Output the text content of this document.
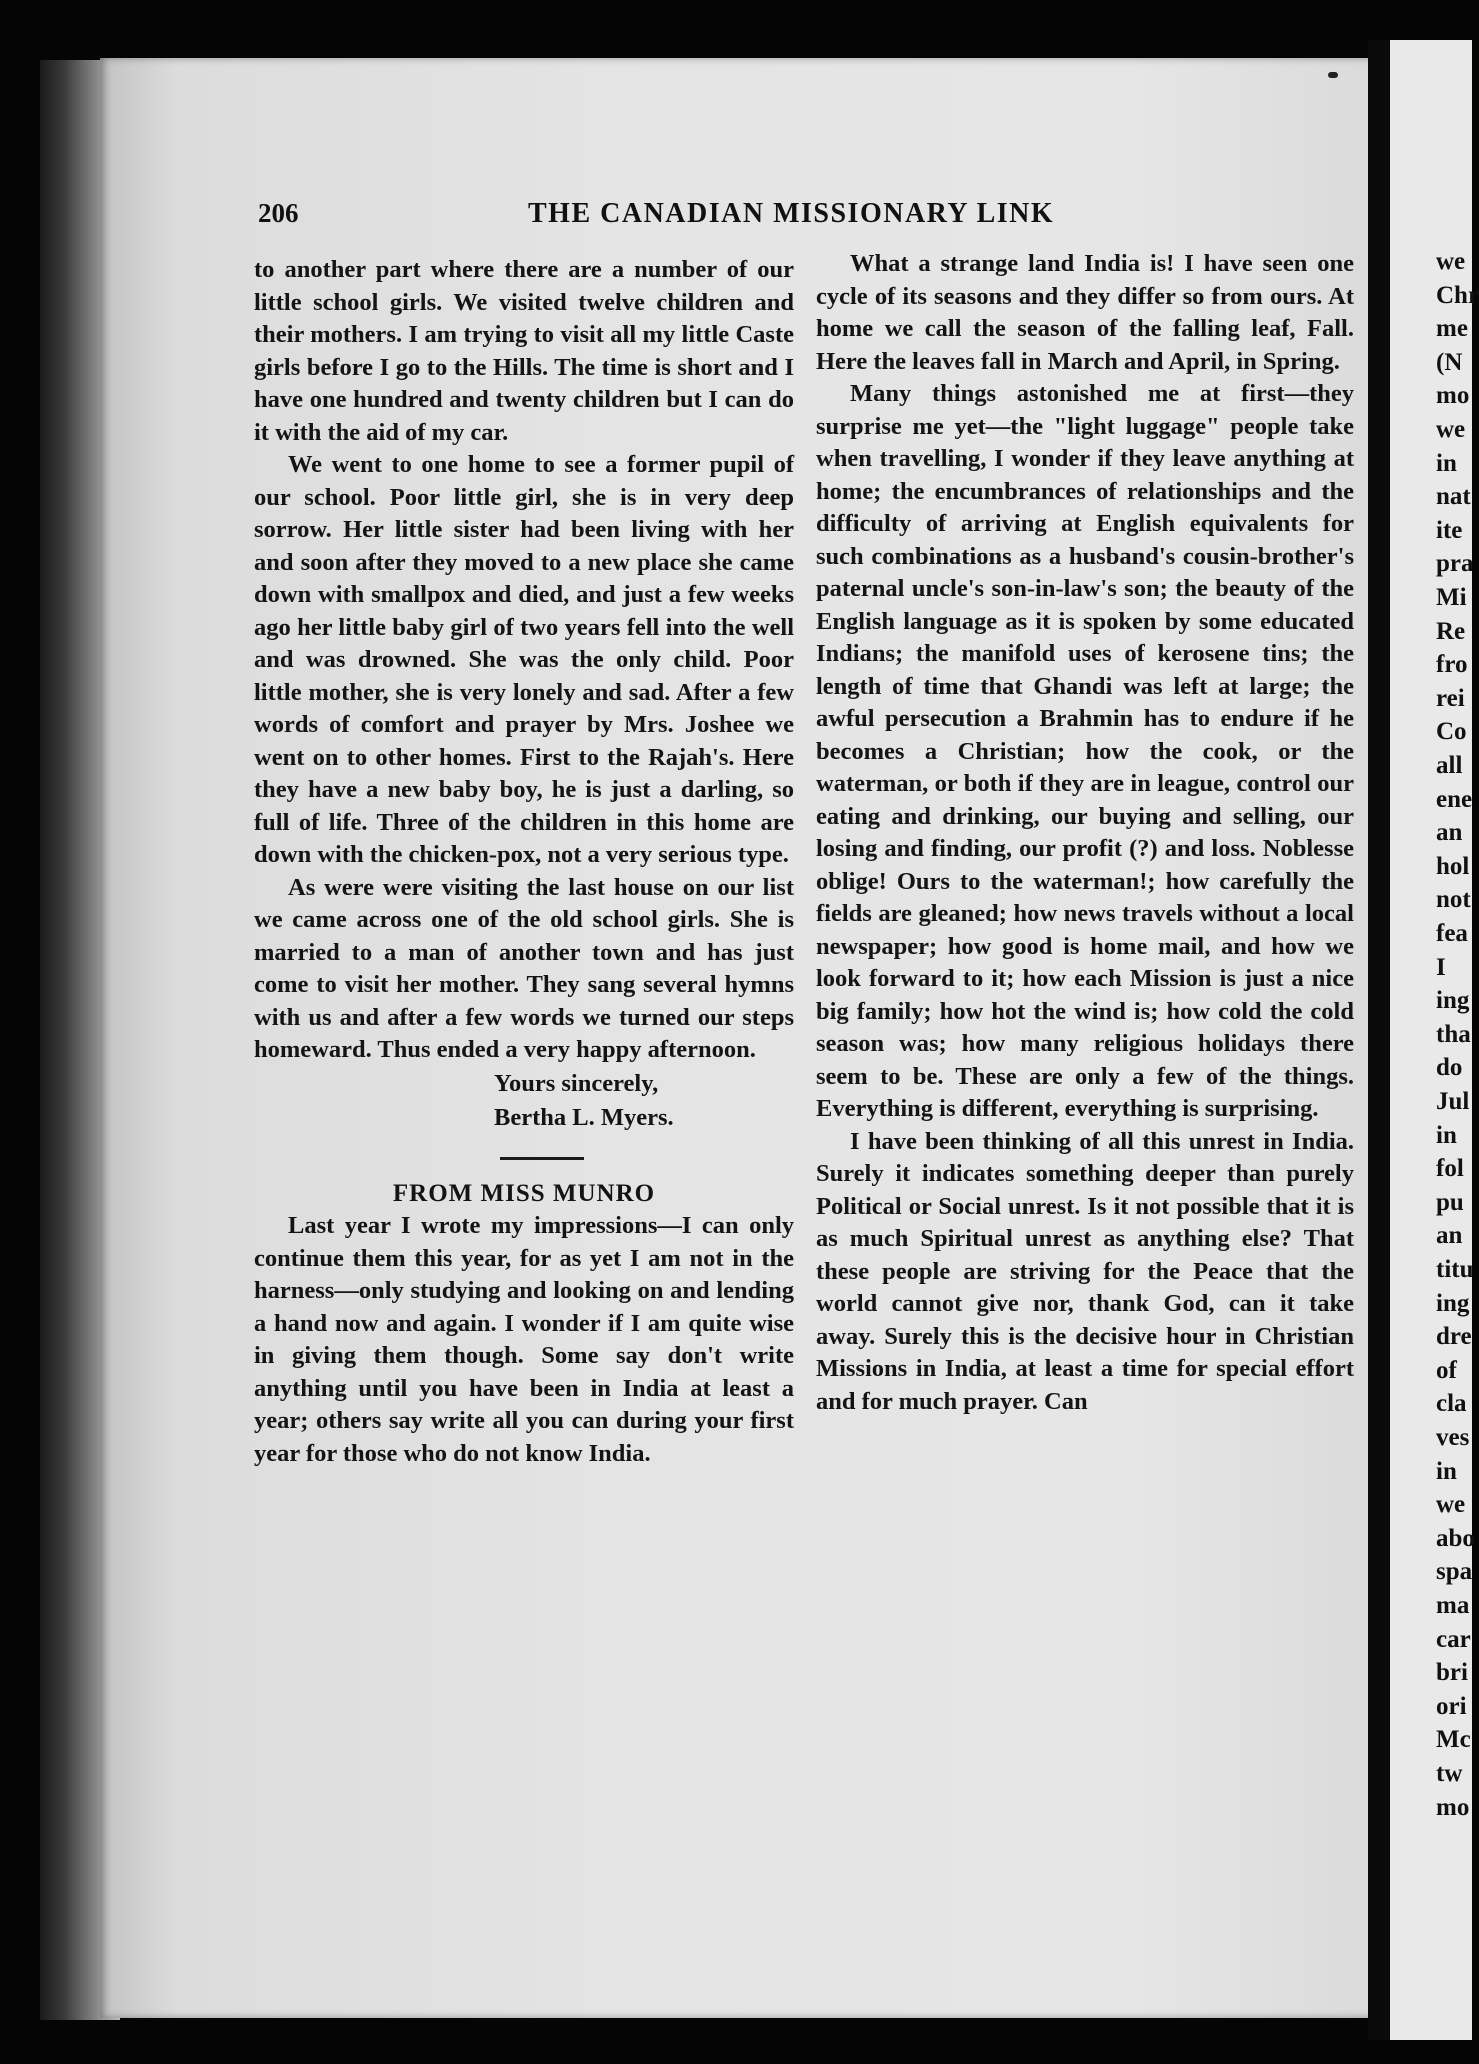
206	THE CANADIAN MISSIONARY LINK

to another part where there are a number of our little school girls. We visited twelve children and their mothers. I am trying to visit all my little Caste girls before I go to the Hills. The time is short and I have one hundred and twenty children but I can do it with the aid of my car.

We went to one home to see a former pupil of our school. Poor little girl, she is in very deep sorrow. Her little sister had been living with her and soon after they moved to a new place she came down with smallpox and died, and just a few weeks ago her little baby girl of two years fell into the well and was drowned. She was the only child. Poor little mother, she is very lonely and sad. After a few words of comfort and prayer by Mrs. Joshee we went on to other homes. First to the Rajah's. Here they have a new baby boy, he is just a darling, so full of life. Three of the children in this home are down with the chicken-pox, not a very serious type.

As were were visiting the last house on our list we came across one of the old school girls. She is married to a man of another town and has just come to visit her mother. They sang several hymns with us and after a few words we turned our steps homeward. Thus ended a very happy afternoon.

Yours sincerely,

Bertha L. Myers.

FROM MISS MUNRO

Last year I wrote my impressions—I can only continue them this year, for as yet I am not in the harness—only studying and looking on and lending a hand now and again. I wonder if I am quite wise in giving them though. Some say don't write anything until you have been in India at least a year; others say write all you can during your first year for those who do not know India.

What a strange land India is! I have seen one cycle of its seasons and they differ so from ours. At home we call the season of the falling leaf, Fall. Here the leaves fall in March and April, in Spring.

Many things astonished me at first—they surprise me yet—the "light luggage" people take when travelling, I wonder if they leave anything at home; the encumbrances of relationships and the difficulty of arriving at English equivalents for such combinations as a husband's cousin-brother's paternal uncle's son-in-law's son; the beauty of the English language as it is spoken by some educated Indians; the manifold uses of kerosene tins; the length of time that Ghandi was left at large; the awful persecution a Brahmin has to endure if he becomes a Christian; how the cook, or the waterman, or both if they are in league, control our eating and drinking, our buying and selling, our losing and finding, our profit (?) and loss. Noblesse oblige! Ours to the waterman!; how carefully the fields are gleaned; how news travels without a local newspaper; how good is home mail, and how we look forward to it; how each Mission is just a nice big family; how hot the wind is; how cold the cold season was; how many religious holidays there seem to be. These are only a few of the things. Everything is different, everything is surprising.

I have been thinking of all this unrest in India. Surely it indicates something deeper than purely Political or Social unrest. Is it not possible that it is as much Spiritual unrest as anything else? That these people are striving for the Peace that the world cannot give nor, thank God, can it take away. Surely this is the decisive hour in Christian Missions in India, at least a time for special effort and for much prayer. Can

we
Chr
me
(N
mo
we
in
nat
ite
pra
Mi
Re
fro
rei
Co
all
ene
an
hol
not
fea
I
ing
tha
do
Jul
in
fol
pu
an
titu
ing
dre
of
cla
ves
in
we
abo
spa
ma
car
bri
ori
Mc
tw
mo
